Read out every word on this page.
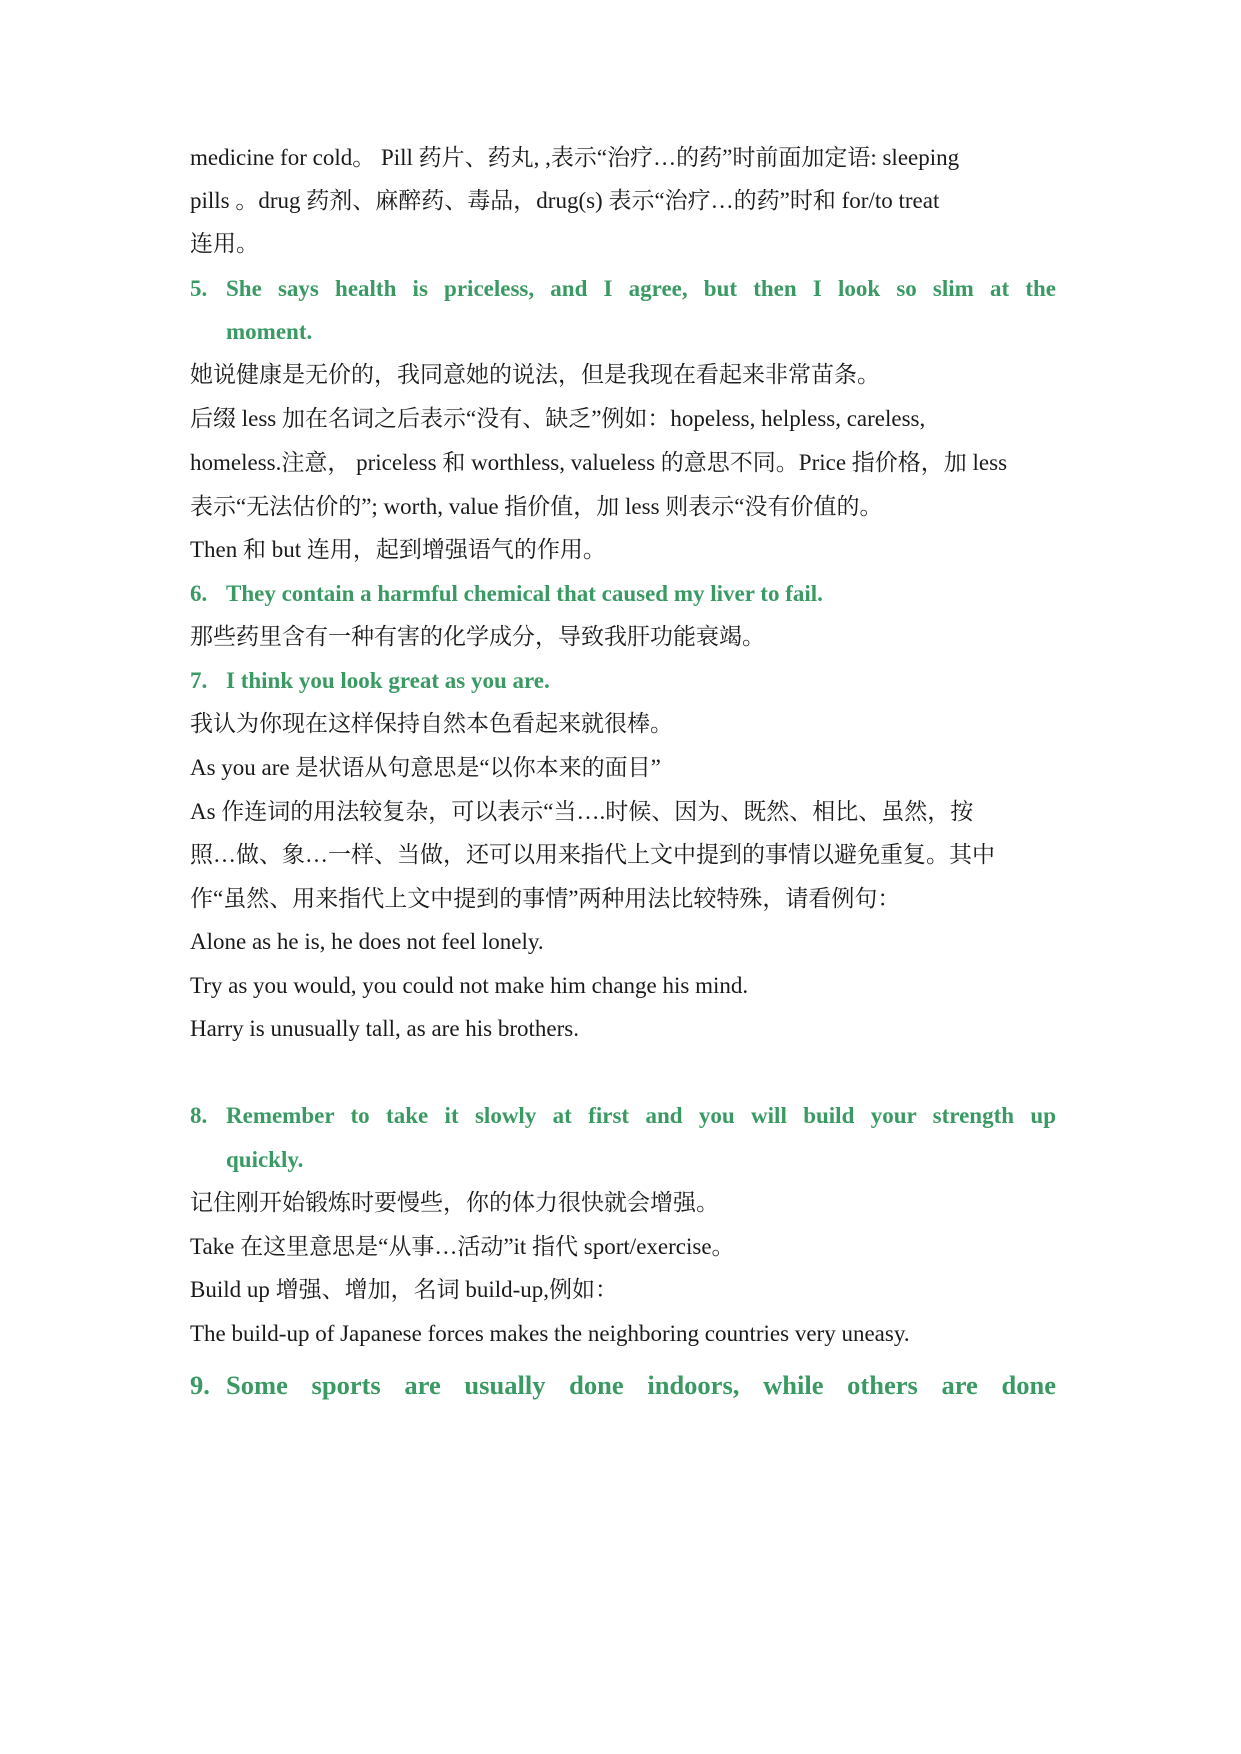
medicine for cold。 Pill 药片、药丸, ,表示“治疗…的药”时前面加定语: sleeping
pills 。drug 药剂、麻醉药、毒品，drug(s) 表示“治疗…的药”时和 for/to treat
连用。
5. She says health is priceless, and I agree, but then I look so slim at the
moment.
她说健康是无价的，我同意她的说法，但是我现在看起来非常苗条。
后缀 less 加在名词之后表示“没有、缺乏”例如：hopeless, helpless, careless,
homeless.注意， priceless 和 worthless, valueless 的意思不同。Price 指价格，加 less
表示“无法估价的”; worth, value 指价值，加 less 则表示“没有价值的。
Then 和 but 连用，起到增强语气的作用。
6. They contain a harmful chemical that caused my liver to fail.
那些药里含有一种有害的化学成分，导致我肝功能衰竭。
7. I think you look great as you are.
我认为你现在这样保持自然本色看起来就很棒。
As you are 是状语从句意思是“以你本来的面目”
As 作连词的用法较复杂，可以表示“当….时候、因为、既然、相比、虽然，按
照…做、象…一样、当做，还可以用来指代上文中提到的事情以避免重复。其中
作“虽然、用来指代上文中提到的事情”两种用法比较特殊，请看例句：
Alone as he is, he does not feel lonely.
Try as you would, you could not make him change his mind.
Harry is unusually tall, as are his brothers.
8. Remember to take it slowly at first and you will build your strength up
quickly.
记住刚开始锻炼时要慢些，你的体力很快就会增强。
Take 在这里意思是“从事…活动”it 指代 sport/exercise。
Build up 增强、增加，名词 build-up,例如：
The build-up of Japanese forces makes the neighboring countries very uneasy.
9. Some sports are usually done indoors, while others are done
